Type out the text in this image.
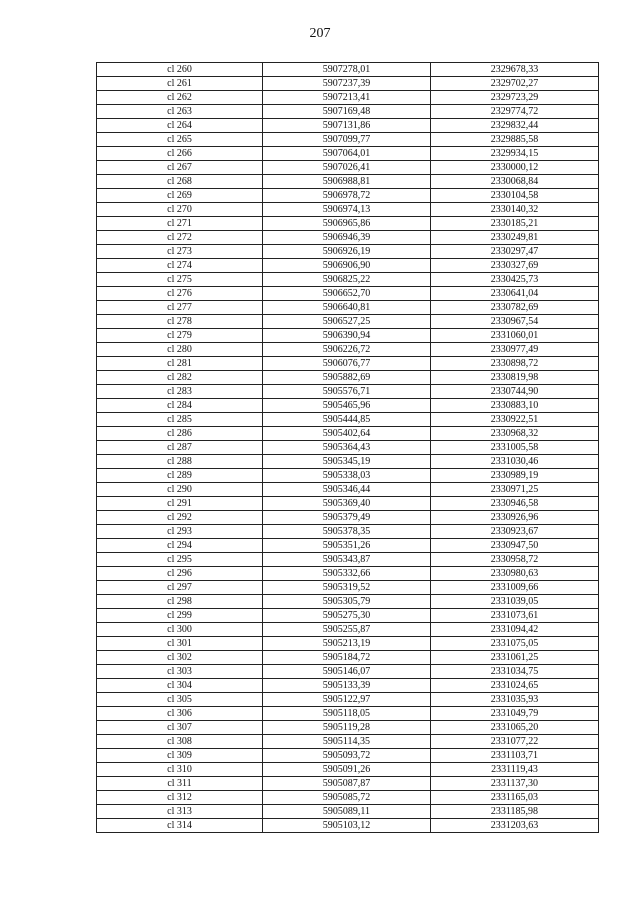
207
cl 260	5907278,01	2329678,33
cl 261	5907237,39	2329702,27
cl 262	5907213,41	2329723,29
cl 263	5907169,48	2329774,72
cl 264	5907131,86	2329832,44
cl 265	5907099,77	2329885,58
cl 266	5907064,01	2329934,15
cl 267	5907026,41	2330000,12
cl 268	5906988,81	2330068,84
cl 269	5906978,72	2330104,58
cl 270	5906974,13	2330140,32
cl 271	5906965,86	2330185,21
cl 272	5906946,39	2330249,81
cl 273	5906926,19	2330297,47
cl 274	5906906,90	2330327,69
cl 275	5906825,22	2330425,73
cl 276	5906652,70	2330641,04
cl 277	5906640,81	2330782,69
cl 278	5906527,25	2330967,54
cl 279	5906390,94	2331060,01
cl 280	5906226,72	2330977,49
cl 281	5906076,77	2330898,72
cl 282	5905882,69	2330819,98
cl 283	5905576,71	2330744,90
cl 284	5905465,96	2330883,10
cl 285	5905444,85	2330922,51
cl 286	5905402,64	2330968,32
cl 287	5905364,43	2331005,58
cl 288	5905345,19	2331030,46
cl 289	5905338,03	2330989,19
cl 290	5905346,44	2330971,25
cl 291	5905369,40	2330946,58
cl 292	5905379,49	2330926,96
cl 293	5905378,35	2330923,67
cl 294	5905351,26	2330947,50
cl 295	5905343,87	2330958,72
cl 296	5905332,66	2330980,63
cl 297	5905319,52	2331009,66
cl 298	5905305,79	2331039,05
cl 299	5905275,30	2331073,61
cl 300	5905255,87	2331094,42
cl 301	5905213,19	2331075,05
cl 302	5905184,72	2331061,25
cl 303	5905146,07	2331034,75
cl 304	5905133,39	2331024,65
cl 305	5905122,97	2331035,93
cl 306	5905118,05	2331049,79
cl 307	5905119,28	2331065,20
cl 308	5905114,35	2331077,22
cl 309	5905093,72	2331103,71
cl 310	5905091,26	2331119,43
cl 311	5905087,87	2331137,30
cl 312	5905085,72	2331165,03
cl 313	5905089,11	2331185,98
cl 314	5905103,12	2331203,63
